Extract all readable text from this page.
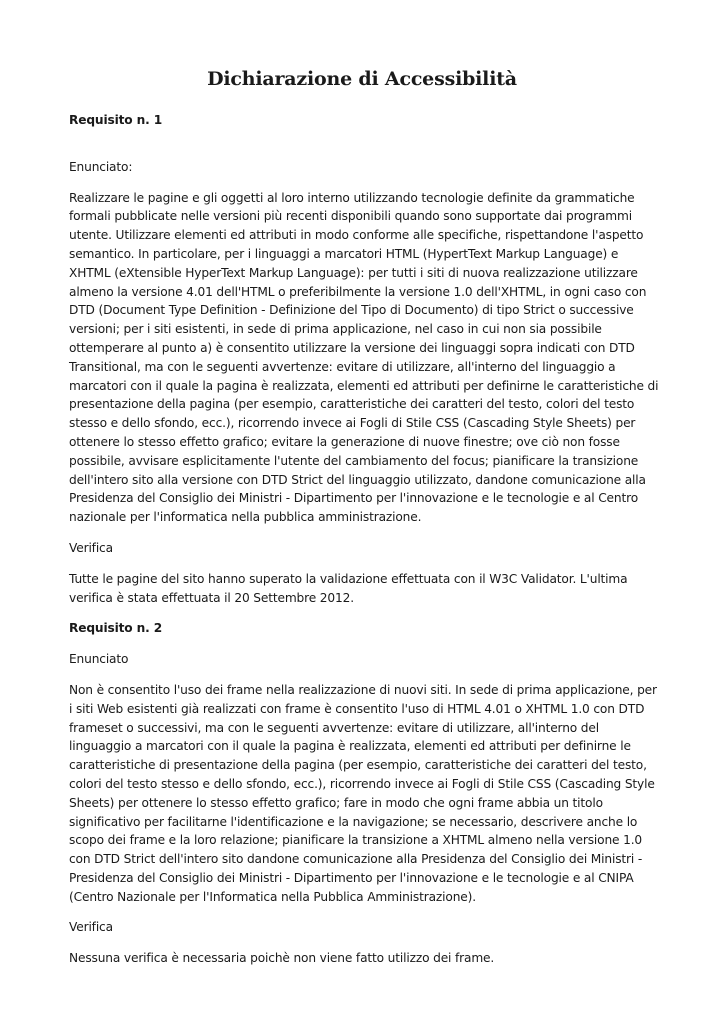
Dichiarazione di Accessibilità

Requisito n. 1

Enunciato:

Realizzare le pagine e gli oggetti al loro interno utilizzando tecnologie definite da grammatiche formali pubblicate nelle versioni più recenti disponibili quando sono supportate dai programmi utente. Utilizzare elementi ed attributi in modo conforme alle specifiche, rispettandone l'aspetto semantico. In particolare, per i linguaggi a marcatori HTML (HypertText Markup Language) e XHTML (eXtensible HyperText Markup Language): per tutti i siti di nuova realizzazione utilizzare almeno la versione 4.01 dell'HTML o preferibilmente la versione 1.0 dell'XHTML, in ogni caso con DTD (Document Type Definition - Definizione del Tipo di Documento) di tipo Strict o successive versioni; per i siti esistenti, in sede di prima applicazione, nel caso in cui non sia possibile ottemperare al punto a) è consentito utilizzare la versione dei linguaggi sopra indicati con DTD Transitional, ma con le seguenti avvertenze: evitare di utilizzare, all'interno del linguaggio a marcatori con il quale la pagina è realizzata, elementi ed attributi per definirne le caratteristiche di presentazione della pagina (per esempio, caratteristiche dei caratteri del testo, colori del testo stesso e dello sfondo, ecc.), ricorrendo invece ai Fogli di Stile CSS (Cascading Style Sheets) per ottenere lo stesso effetto grafico; evitare la generazione di nuove finestre; ove ciò non fosse possibile, avvisare esplicitamente l'utente del cambiamento del focus; pianificare la transizione dell'intero sito alla versione con DTD Strict del linguaggio utilizzato, dandone comunicazione alla Presidenza del Consiglio dei Ministri - Dipartimento per l'innovazione e le tecnologie e al Centro nazionale per l'informatica nella pubblica amministrazione.

Verifica

Tutte le pagine del sito hanno superato la validazione effettuata con il W3C Validator. L'ultima verifica è stata effettuata il 20 Settembre 2012.

Requisito n. 2

Enunciato

Non è consentito l'uso dei frame nella realizzazione di nuovi siti. In sede di prima applicazione, per i siti Web esistenti già realizzati con frame è consentito l'uso di HTML 4.01 o XHTML 1.0 con DTD frameset o successivi, ma con le seguenti avvertenze: evitare di utilizzare, all'interno del linguaggio a marcatori con il quale la pagina è realizzata, elementi ed attributi per definirne le caratteristiche di presentazione della pagina (per esempio, caratteristiche dei caratteri del testo, colori del testo stesso e dello sfondo, ecc.), ricorrendo invece ai Fogli di Stile CSS (Cascading Style Sheets) per ottenere lo stesso effetto grafico; fare in modo che ogni frame abbia un titolo significativo per facilitarne l'identificazione e la navigazione; se necessario, descrivere anche lo scopo dei frame e la loro relazione; pianificare la transizione a XHTML almeno nella versione 1.0 con DTD Strict dell'intero sito dandone comunicazione alla Presidenza del Consiglio dei Ministri - Presidenza del Consiglio dei Ministri - Dipartimento per l'innovazione e le tecnologie e al CNIPA (Centro Nazionale per l'Informatica nella Pubblica Amministrazione).

Verifica

Nessuna verifica è necessaria poichè non viene fatto utilizzo dei frame.
